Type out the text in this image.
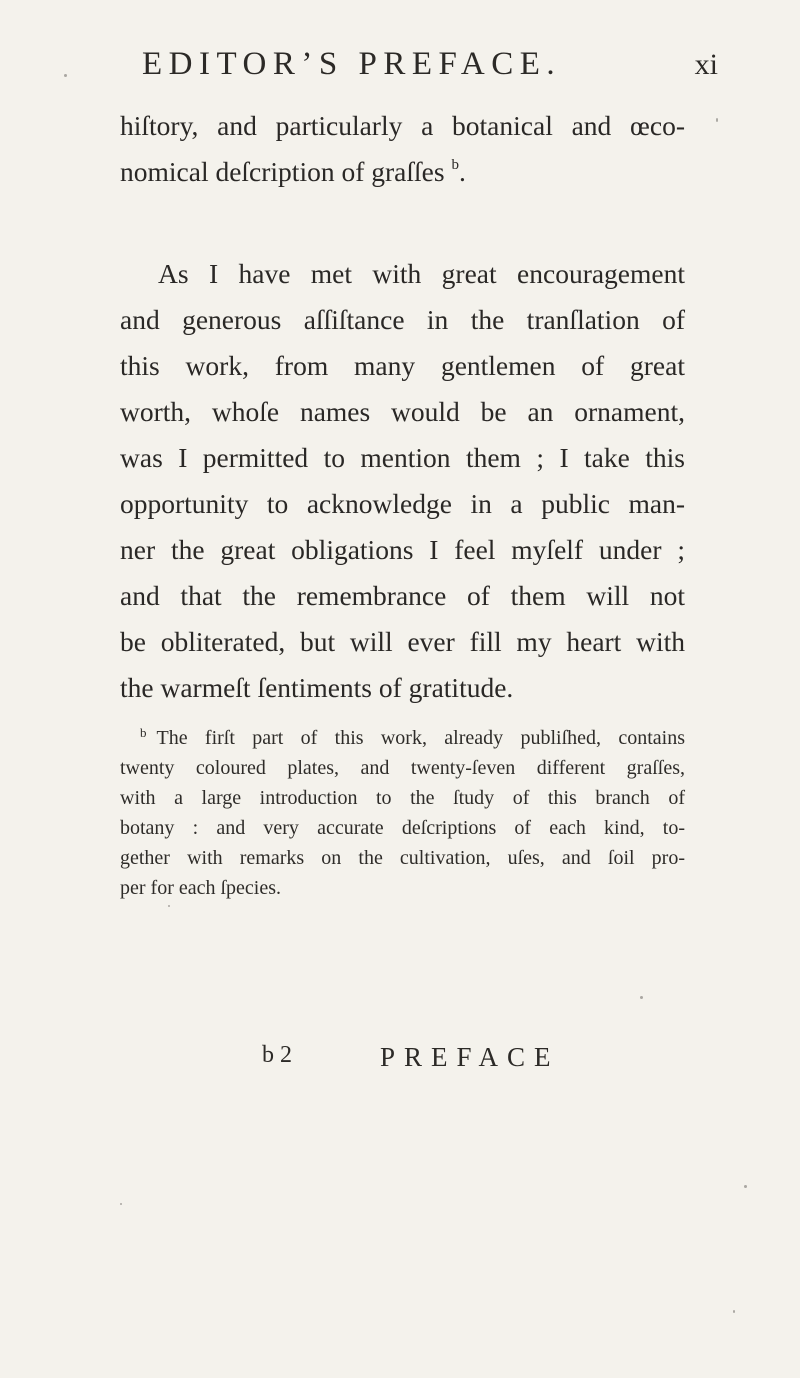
EDITOR’S PREFACE.	xi
hiſtory, and particularly a botanical and œco-
nomical deſcription of graſſes $^b$.
As I have met with great encouragement
and generous aſſiſtance in the tranſlation of
this work, from many gentlemen of great
worth, whoſe names would be an ornament,
was I permitted to mention them ; I take this
opportunity to acknowledge in a public man-
ner the great obligations I feel myſelf under ;
and that the remembrance of them will not
be obliterated, but will ever fill my heart with
the warmeſt ſentiments of gratitude.
$^b$ The firſt part of this work, already publiſhed, contains
twenty coloured plates, and twenty-ſeven different graſſes,
with a large introduction to the ſtudy of this branch of
botany : and very accurate deſcriptions of each kind, to-
gether with remarks on the cultivation, uſes, and ſoil pro-
per for each ſpecies.
b 2	PREFACE
